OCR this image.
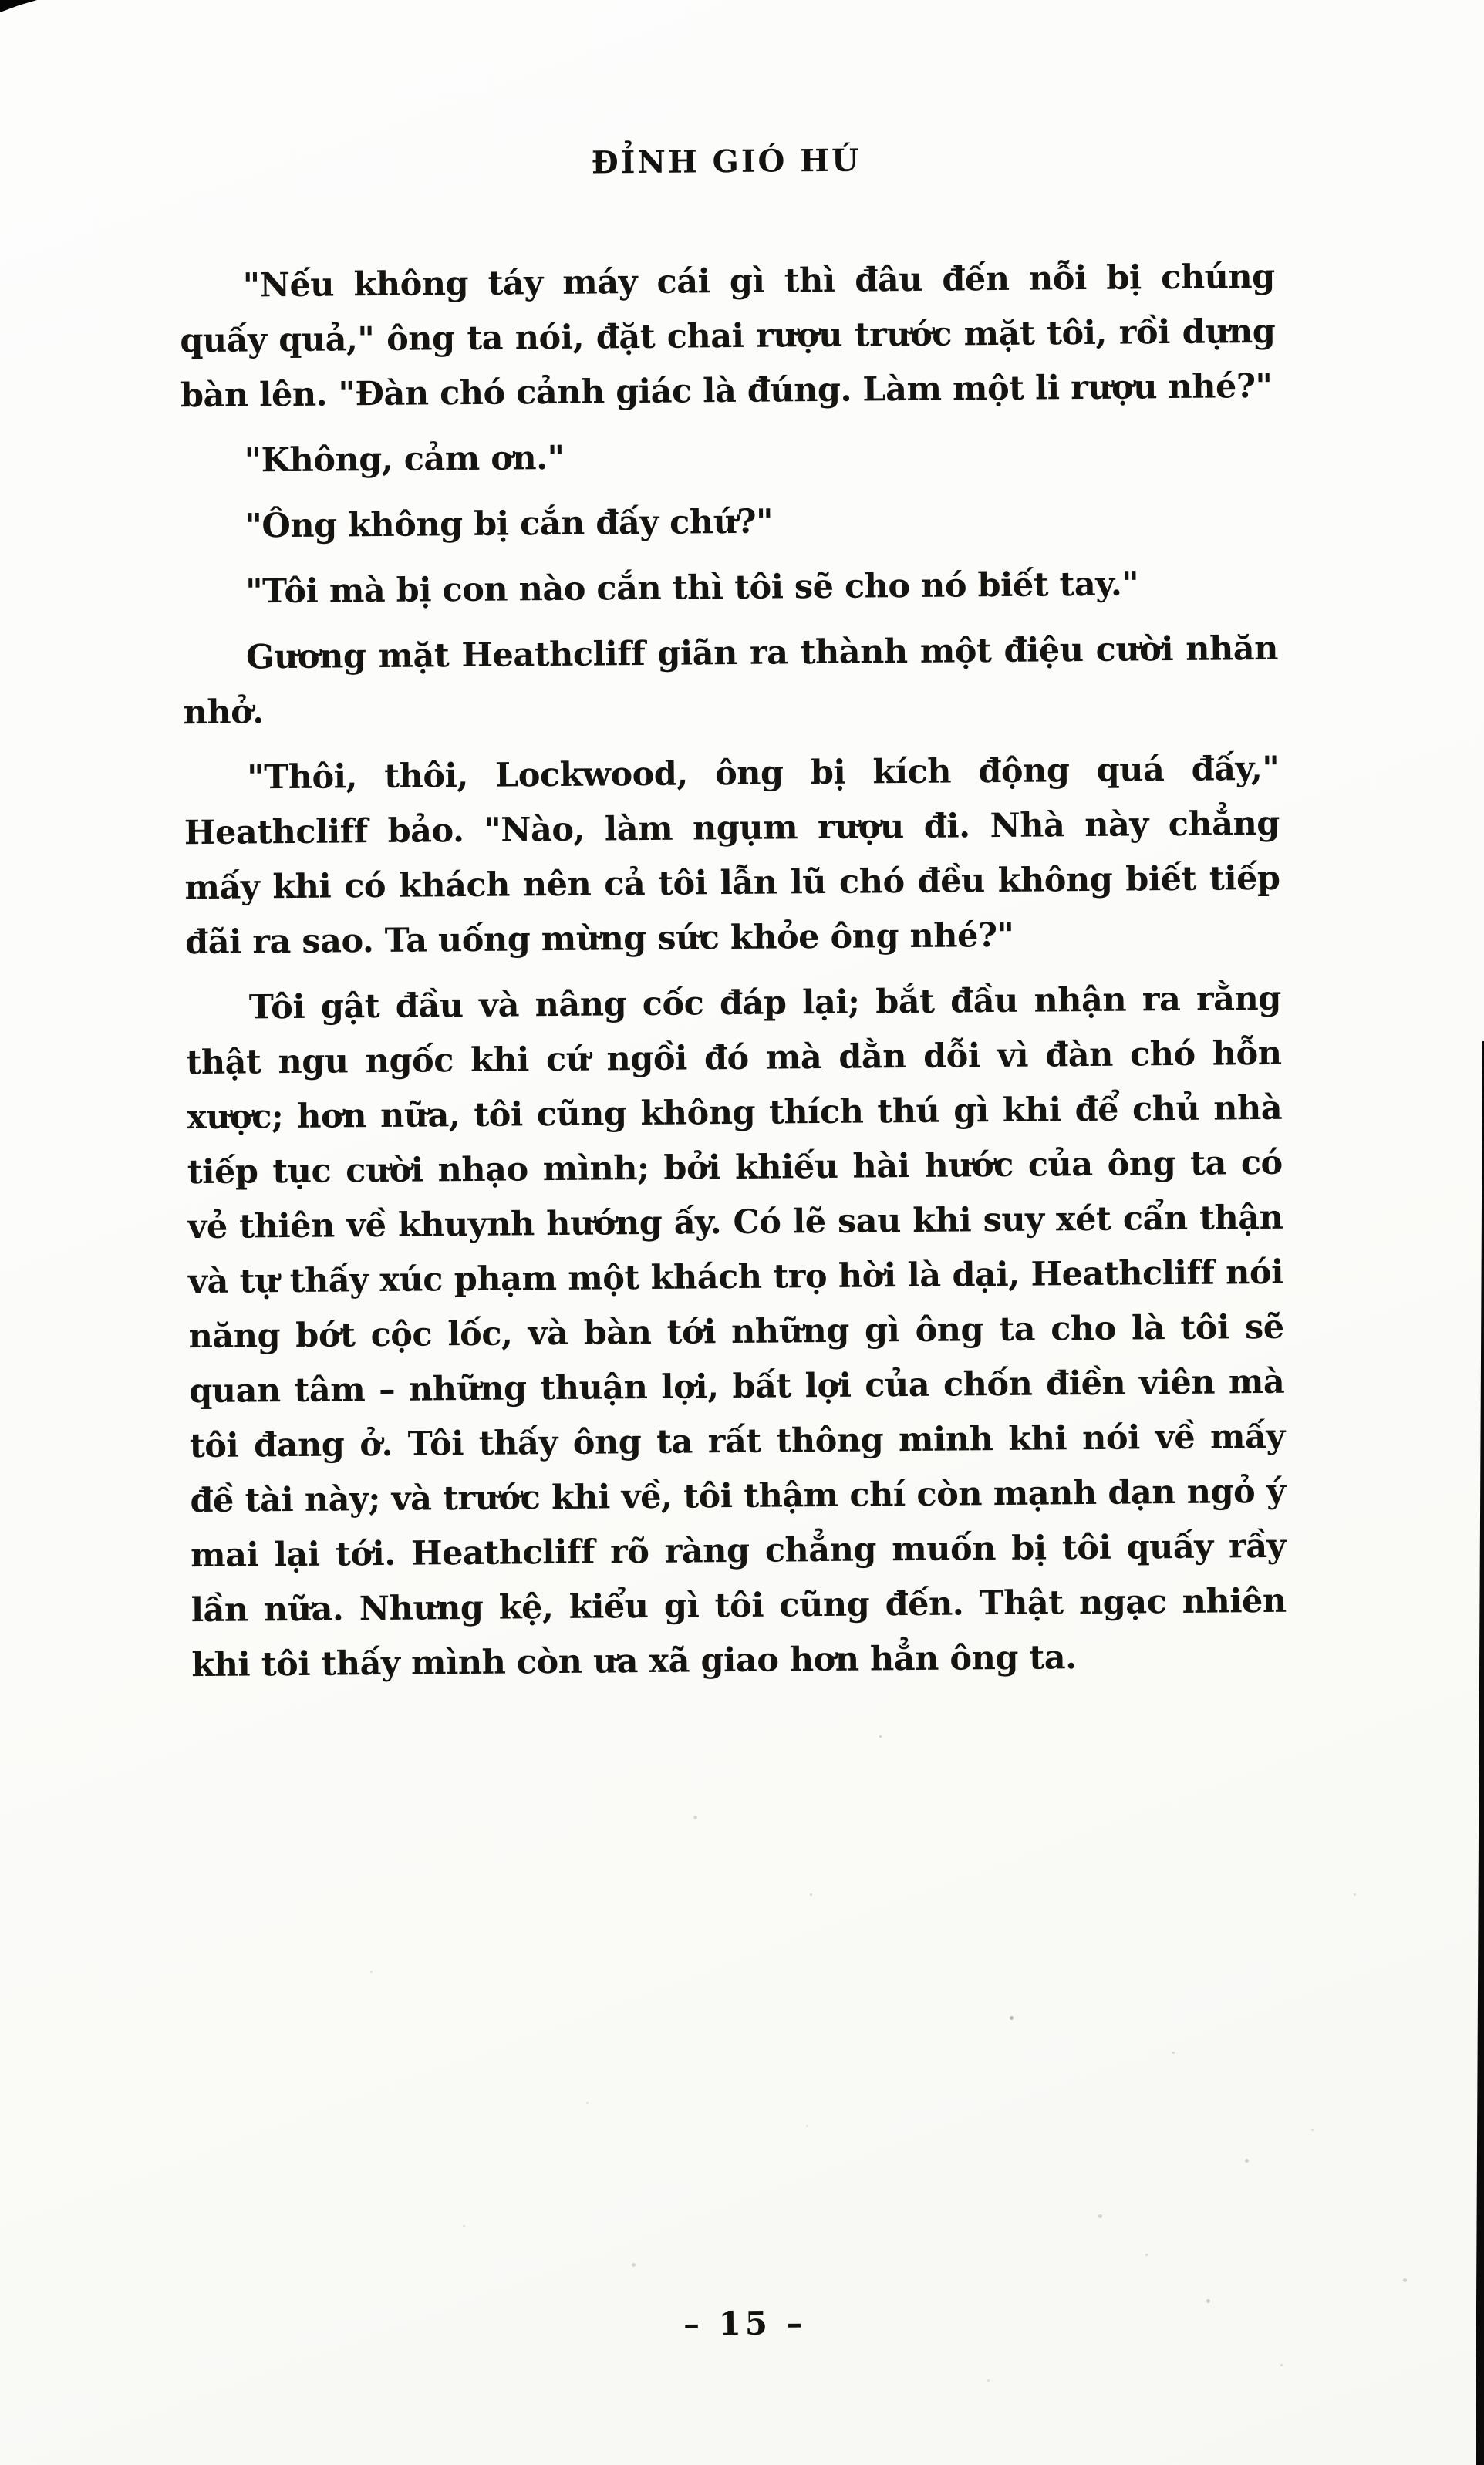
ĐỈNH GIÓ HÚ

"Nếu không táy máy cái gì thì đâu đến nỗi bị chúng quấy quả," ông ta nói, đặt chai rượu trước mặt tôi, rồi dựng bàn lên. "Đàn chó cảnh giác là đúng. Làm một li rượu nhé?"

"Không, cảm ơn."

"Ông không bị cắn đấy chứ?"

"Tôi mà bị con nào cắn thì tôi sẽ cho nó biết tay."

Gương mặt Heathcliff giãn ra thành một điệu cười nhăn nhở.

"Thôi, thôi, Lockwood, ông bị kích động quá đấy," Heathcliff bảo. "Nào, làm ngụm rượu đi. Nhà này chẳng mấy khi có khách nên cả tôi lẫn lũ chó đều không biết tiếp đãi ra sao. Ta uống mừng sức khỏe ông nhé?"

Tôi gật đầu và nâng cốc đáp lại; bắt đầu nhận ra rằng thật ngu ngốc khi cứ ngồi đó mà dằn dỗi vì đàn chó hỗn xược; hơn nữa, tôi cũng không thích thú gì khi để chủ nhà tiếp tục cười nhạo mình; bởi khiếu hài hước của ông ta có vẻ thiên về khuynh hướng ấy. Có lẽ sau khi suy xét cẩn thận và tự thấy xúc phạm một khách trọ hời là dại, Heathcliff nói năng bớt cộc lốc, và bàn tới những gì ông ta cho là tôi sẽ quan tâm – những thuận lợi, bất lợi của chốn điền viên mà tôi đang ở. Tôi thấy ông ta rất thông minh khi nói về mấy đề tài này; và trước khi về, tôi thậm chí còn mạnh dạn ngỏ ý mai lại tới. Heathcliff rõ ràng chẳng muốn bị tôi quấy rầy lần nữa. Nhưng kệ, kiểu gì tôi cũng đến. Thật ngạc nhiên khi tôi thấy mình còn ưa xã giao hơn hẳn ông ta.

– 15 –
